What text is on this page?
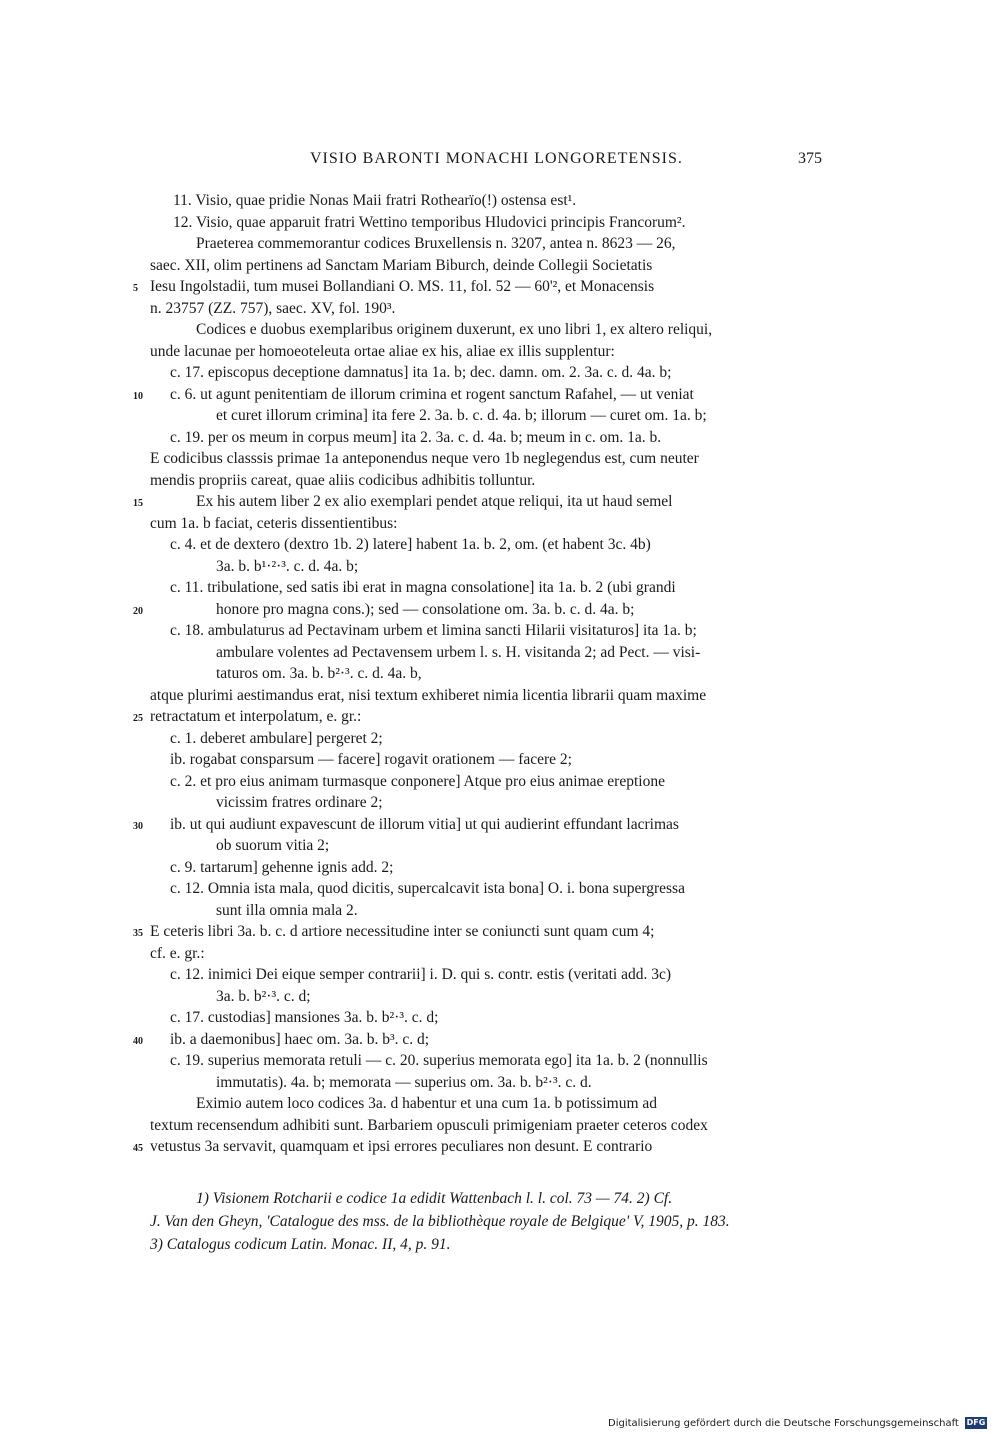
VISIO BARONTI MONACHI LONGORETENSIS.	375
11. Visio, quae pridie Nonas Maii fratri Rothearïo(!) ostensa est¹.
12. Visio, quae apparuit fratri Wettino temporibus Hludovici principis Francorum².
Praeterea commemorantur codices Bruxellensis n. 3207, antea n. 8623 — 26,
saec. XII, olim pertinens ad Sanctam Mariam Biburch, deinde Collegii Societatis
5 Iesu Ingolstadii, tum musei Bollandiani O. MS. 11, fol. 52 — 60'², et Monacensis
n. 23757 (ZZ. 757), saec. XV, fol. 190³.
Codices e duobus exemplaribus originem duxerunt, ex uno libri 1, ex altero reliqui,
unde lacunae per homoeoteleuta ortae aliae ex his, aliae ex illis supplentur:
c. 17. episcopus deceptione damnatus] ita 1a. b; dec. damn. om. 2. 3a. c. d. 4a. b;
10 c. 6. ut agunt penitentiam de illorum crimina et rogent sanctum Rafahel, — ut veniat
et curet illorum crimina] ita fere 2. 3a. b. c. d. 4a. b; illorum — curet om. 1a. b;
c. 19. per os meum in corpus meum] ita 2. 3a. c. d. 4a. b; meum in c. om. 1a. b.
E codicibus classsis primae 1a anteponendus neque vero 1b neglegendus est, cum neuter
mendis propriis careat, quae aliis codicibus adhibitis tolluntur.
15	Ex his autem liber 2 ex alio exemplari pendet atque reliqui, ita ut haud semel
cum 1a. b faciat, ceteris dissentientibus:
c. 4. et de dextero (dextro 1b. 2) latere] habent 1a. b. 2, om. (et habent 3c. 4b)
3a. b. b¹·²·³. c. d. 4a. b;
c. 11. tribulatione, sed satis ibi erat in magna consolatione] ita 1a. b. 2 (ubi grandi
20	honore pro magna cons.); sed — consolatione om. 3a. b. c. d. 4a. b;
c. 18. ambulaturus ad Pectavinam urbem et limina sancti Hilarii visitaturos] ita 1a. b;
ambulare volentes ad Pectavensem urbem l. s. H. visitanda 2; ad Pect. — visi-
taturos om. 3a. b. b²·³. c. d. 4a. b,
atque plurimi aestimandus erat, nisi textum exhiberet nimia licentia librarii quam maxime
25 retractatum et interpolatum, e. gr.:
c. 1. deberet ambulare] pergeret 2;
ib. rogabat consparsum — facere] rogavit orationem — facere 2;
c. 2. et pro eius animam turmasque conponere] Atque pro eius animae ereptione
vicissim fratres ordinare 2;
30 ib. ut qui audiunt expavescunt de illorum vitia] ut qui audierint effundant lacrimas
ob suorum vitia 2;
c. 9. tartarum] gehenne ignis add. 2;
c. 12. Omnia ista mala, quod dicitis, supercalcavit ista bona] O. i. bona supergressa
sunt illa omnia mala 2.
35 E ceteris libri 3a. b. c. d artiore necessitudine inter se coniuncti sunt quam cum 4;
cf. e. gr.:
c. 12. inimici Dei eique semper contrarii] i. D. qui s. contr. estis (veritati add. 3c)
3a. b. b²·³. c. d;
c. 17. custodias] mansiones 3a. b. b²·³. c. d;
40 ib. a daemonibus] haec om. 3a. b. b³. c. d;
c. 19. superius memorata retuli — c. 20. superius memorata ego] ita 1a. b. 2 (nonnullis
immutatis). 4a. b; memorata — superius om. 3a. b. b²·³. c. d.
Eximio autem loco codices 3a. d habentur et una cum 1a. b potissimum ad
textum recensendum adhibiti sunt. Barbariem opusculi primigeniam praeter ceteros codex
45 vetustus 3a servavit, quamquam et ipsi errores peculiares non desunt. E contrario
1) Visionem Rotcharii e codice 1a edidit Wattenbach l. l. col. 73 — 74. 2) Cf.
J. Van den Gheyn, 'Catalogue des mss. de la bibliothèque royale de Belgique' V, 1905, p. 183.
3) Catalogus codicum Latin. Monac. II, 4, p. 91.
Digitalisierung gefördert durch die Deutsche Forschungsgemeinschaft DFG
